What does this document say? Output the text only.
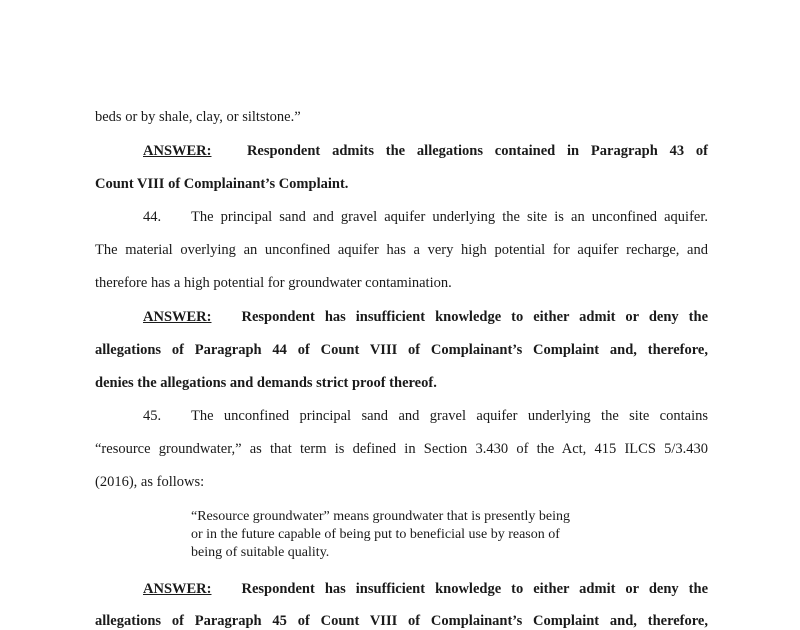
beds or by shale, clay, or siltstone.”
ANSWER: Respondent admits the allegations contained in Paragraph 43 of
Count VIII of Complainant’s Complaint.
44. The principal sand and gravel aquifer underlying the site is an unconfined aquifer.
The material overlying an unconfined aquifer has a very high potential for aquifer recharge, and
therefore has a high potential for groundwater contamination.
ANSWER: Respondent has insufficient knowledge to either admit or deny the
allegations of Paragraph 44 of Count VIII of Complainant’s Complaint and, therefore,
denies the allegations and demands strict proof thereof.
45. The unconfined principal sand and gravel aquifer underlying the site contains
“resource groundwater,” as that term is defined in Section 3.430 of the Act, 415 ILCS 5/3.430
(2016), as follows:
“Resource groundwater” means groundwater that is presently being
or in the future capable of being put to beneficial use by reason of
being of suitable quality.
ANSWER: Respondent has insufficient knowledge to either admit or deny the
allegations of Paragraph 45 of Count VIII of Complainant’s Complaint and, therefore,
